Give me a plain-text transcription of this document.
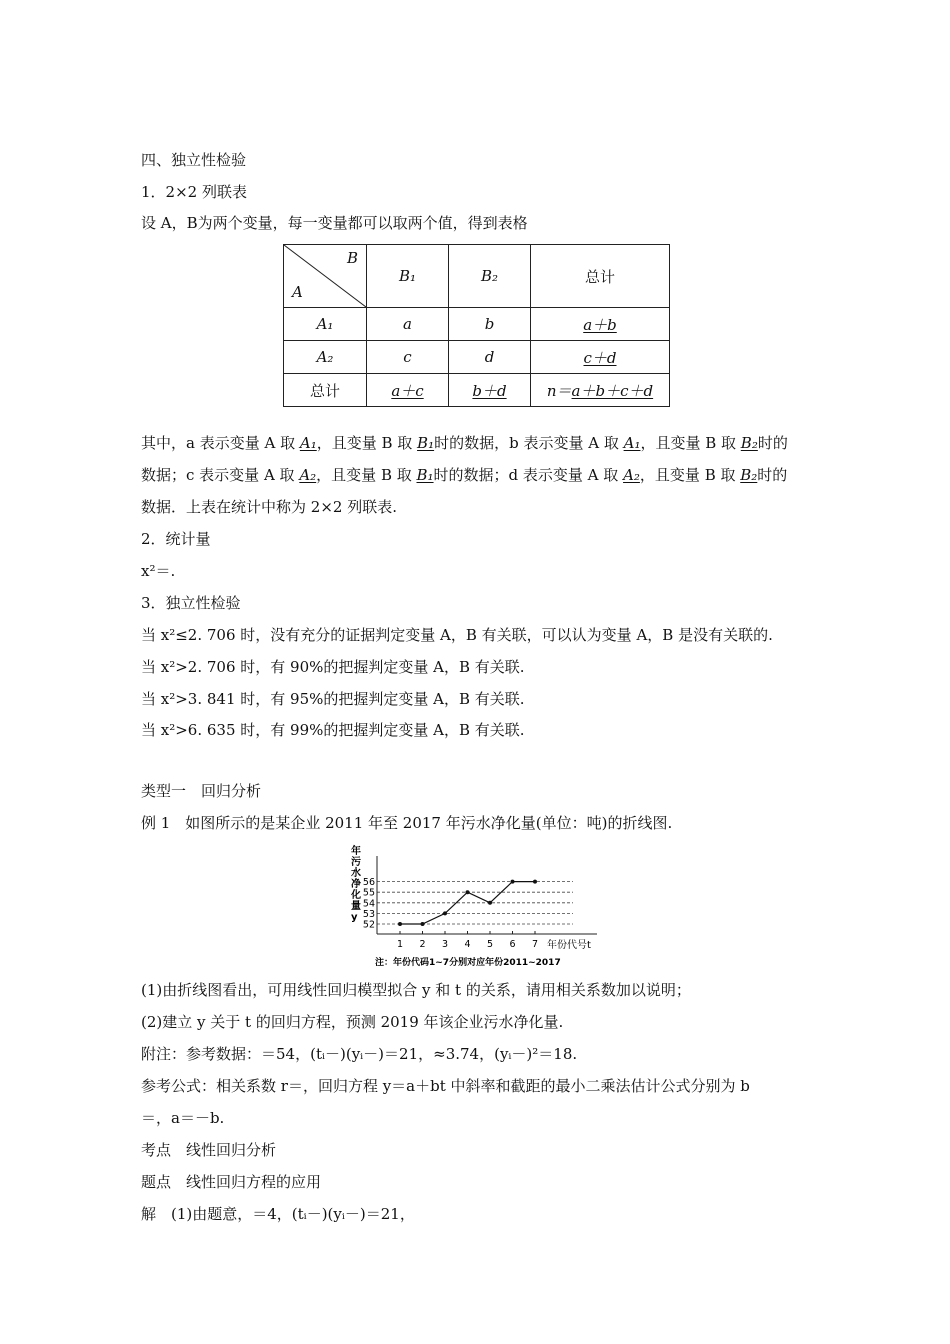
四、独立性检验
1．2×2 列联表
设 A，B为两个变量，每一变量都可以取两个值，得到表格
B
A	B₁	B₂	总计
A₁	a	b	a＋b
A₂	c	d	c＋d
总计	a＋c	b＋d	n＝a＋b＋c＋d
其中，a 表示变量 A 取 A₁，且变量 B 取 B₁时的数据，b 表示变量 A 取 A₁，且变量 B 取 B₂时的
数据；c 表示变量 A 取 A₂，且变量 B 取 B₁时的数据；d 表示变量 A 取 A₂，且变量 B 取 B₂时的
数据．上表在统计中称为 2×2 列联表.
2．统计量
x²＝.
3．独立性检验
当 x²≤2. 706 时，没有充分的证据判定变量 A，B 有关联，可以认为变量 A，B 是没有关联的.
当 x²>2. 706 时，有 90%的把握判定变量 A，B 有关联.
当 x²>3. 841 时，有 95%的把握判定变量 A，B 有关联.
当 x²>6. 635 时，有 99%的把握判定变量 A，B 有关联.
类型一　回归分析
例 1　如图所示的是某企业 2011 年至 2017 年污水净化量(单位：吨)的折线图.
年
污
水
净
化
量
y
52
53
54
55
56
1 2 3 4 5 6 7 年份代号t
注：年份代码1~7分别对应年份2011~2017
(1)由折线图看出，可用线性回归模型拟合 y 和 t 的关系，请用相关系数加以说明；
(2)建立 y 关于 t 的回归方程，预测 2019 年该企业污水净化量.
附注：参考数据：＝54，(tᵢ－)(yᵢ－)＝21，≈3.74，(yᵢ－)²＝18.
参考公式：相关系数 r＝，回归方程 y＝a＋bt 中斜率和截距的最小二乘法估计公式分别为 b
＝，a＝－b.
考点　线性回归分析
题点　线性回归方程的应用
解　(1)由题意，＝4，(tᵢ－)(yᵢ－)＝21，
